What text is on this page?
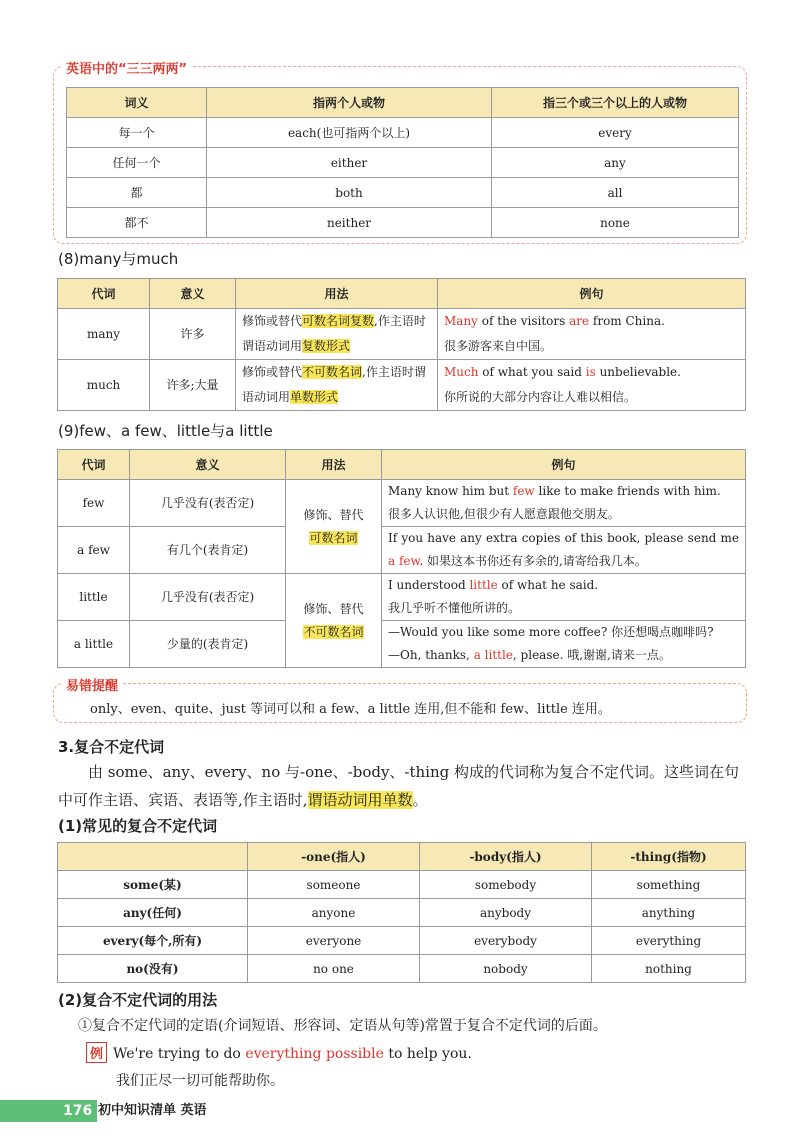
英语中的“三三两两”
词义	指两个人或物	指三个或三个以上的人或物
每一个	each(也可指两个以上)	every
任何一个	either	any
都	both	all
都不	neither	none
(8)many与much
代词	意义	用法	例句
many	许多	修饰或替代可数名词复数,作主语时谓语动词用复数形式	Many of the visitors are from China.
很多游客来自中国。
much	许多;大量	修饰或替代不可数名词,作主语时谓语动词用单数形式	Much of what you said is unbelievable.
你所说的大部分内容让人难以相信。
(9)few、a few、little与a little
代词	意义	用法	例句
few	几乎没有(表否定)	修饰、替代
可数名词	Many know him but few like to make friends with him.
很多人认识他,但很少有人愿意跟他交朋友。
a few	有几个(表肯定)		If you have any extra copies of this book, please send me a few. 如果这本书你还有多余的,请寄给我几本。
little	几乎没有(表否定)	修饰、替代
不可数名词	I understood little of what he said.
我几乎听不懂他所讲的。
a little	少量的(表肯定)		—Would you like some more coffee? 你还想喝点咖啡吗?
—Oh, thanks, a little, please. 哦,谢谢,请来一点。
易错提醒
only、even、quite、just 等词可以和 a few、a little 连用,但不能和 few、little 连用。
3.复合不定代词
由 some、any、every、no 与-one、-body、-thing 构成的代词称为复合不定代词。这些词在句中可作主语、宾语、表语等,作主语时,谓语动词用单数。
(1)常见的复合不定代词
	-one(指人)	-body(指人)	-thing(指物)
some(某)	someone	somebody	something
any(任何)	anyone	anybody	anything
every(每个,所有)	everyone	everybody	everything
no(没有)	no one	nobody	nothing
(2)复合不定代词的用法
①复合不定代词的定语(介词短语、形容词、定语从句等)常置于复合不定代词的后面。
例 We're trying to do everything possible to help you.
我们正尽一切可能帮助你。
176 初中知识清单 英语
